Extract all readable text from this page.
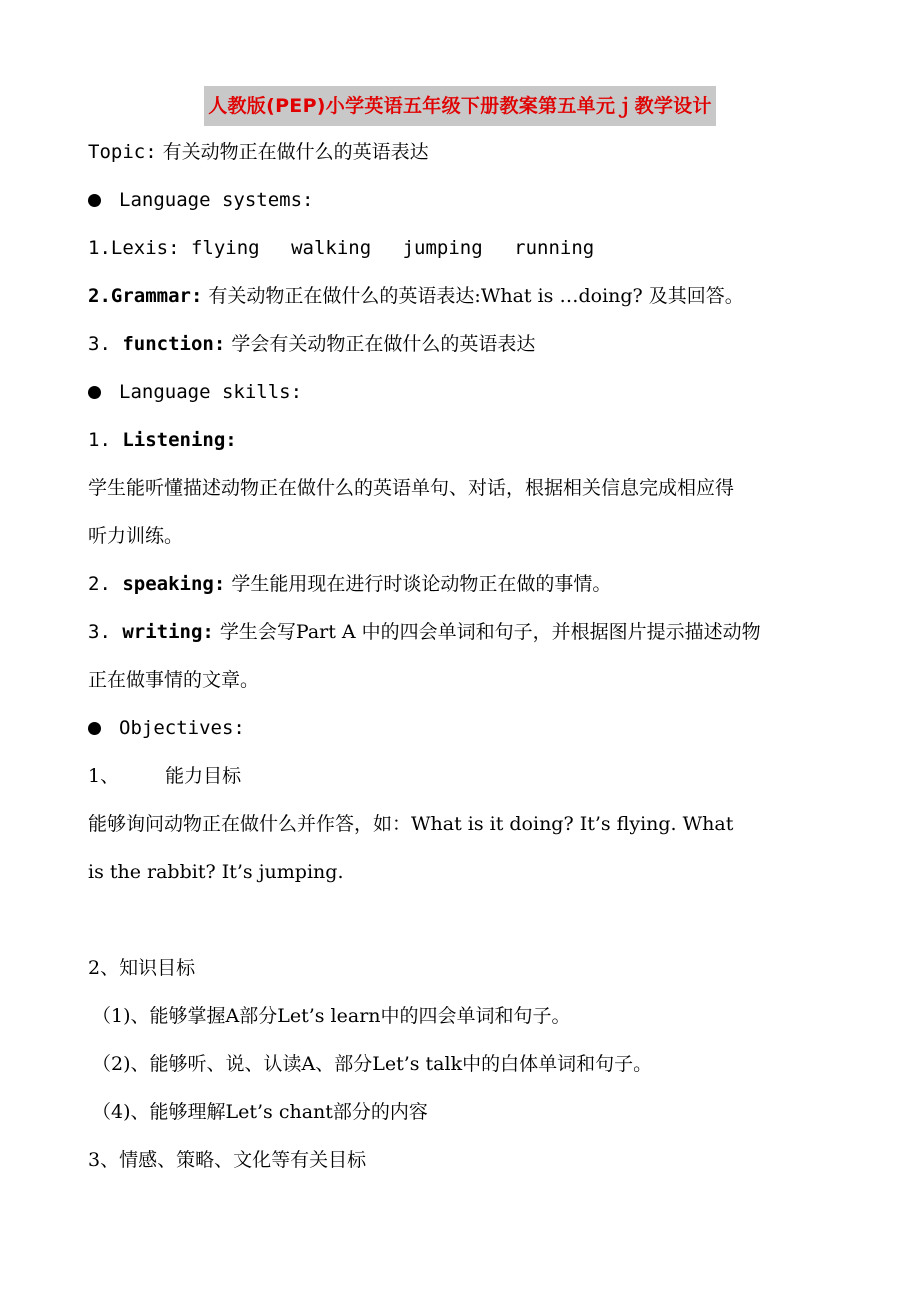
人教版(PEP)小学英语五年级下册教案第五单元ｊ教学设计
Topic: 有关动物正在做什么的英语表达
Language systems:
1.Lexis: flying walking jumping running
2.Grammar: 有关动物正在做什么的英语表达:What is …doing? 及其回答。
3. function: 学会有关动物正在做什么的英语表达
Language skills:
1. Listening:
学生能听懂描述动物正在做什么的英语单句、对话，根据相关信息完成相应得
听力训练。
2. speaking: 学生能用现在进行时谈论动物正在做的事情。
3. writing: 学生会写Part A 中的四会单词和句子，并根据图片提示描述动物
正在做事情的文章。
Objectives:
1、 能力目标
能够询问动物正在做什么并作答，如：What is it doing? It’s flying. What
is the rabbit? It’s jumping.
2、知识目标
（1)、能够掌握A部分Let’s learn中的四会单词和句子。
（2)、能够听、说、认读A、部分Let’s talk中的白体单词和句子。
（4)、能够理解Let’s chant部分的内容
3、情感、策略、文化等有关目标
